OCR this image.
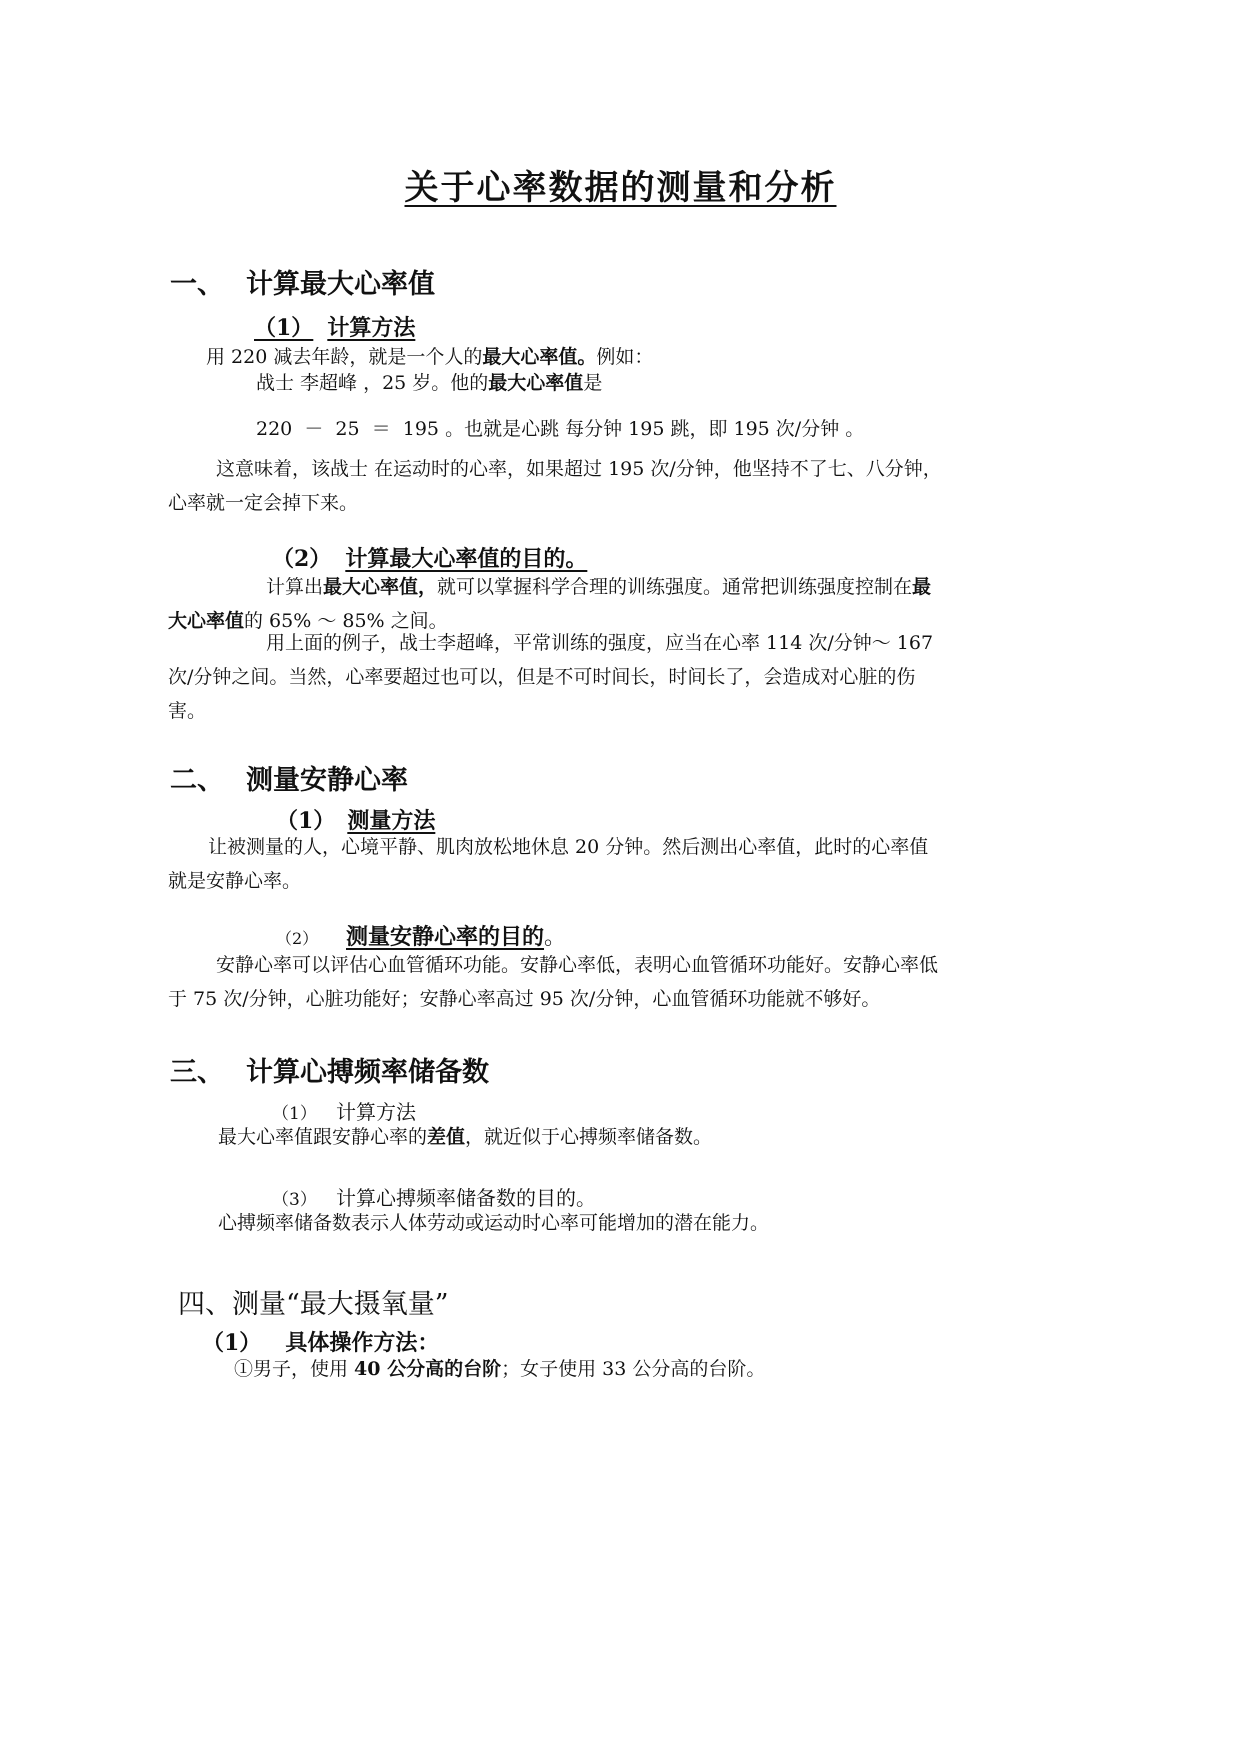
关于心率数据的测量和分析
一、 计算最大心率值
（1） 计算方法
用 220 减去年龄，就是一个人的最大心率值。例如：
战士 李超峰 ，25 岁。他的最大心率值是
220  －  25  ＝  195 。也就是心跳 每分钟 195 跳，即 195 次/分钟 。
这意味着，该战士 在运动时的心率，如果超过 195 次/分钟，他坚持不了七、八分钟，心率就一定会掉下来。
（2） 计算最大心率值的目的。
计算出最大心率值，就可以掌握科学合理的训练强度。通常把训练强度控制在最大心率值的 65% ～ 85% 之间。
用上面的例子，战士李超峰，平常训练的强度，应当在心率 114 次/分钟～ 167 次/分钟之间。当然，心率要超过也可以，但是不可时间长，时间长了，会造成对心脏的伤害。
二、 测量安静心率
（1） 测量方法
让被测量的人，心境平静、肌肉放松地休息 20 分钟。然后测出心率值，此时的心率值就是安静心率。
（2） 测量安静心率的目的。
安静心率可以评估心血管循环功能。安静心率低，表明心血管循环功能好。安静心率低于 75 次/分钟，心脏功能好；安静心率高过 95 次/分钟，心血管循环功能就不够好。
三、 计算心搏频率储备数
（1） 计算方法
最大心率值跟安静心率的差值，就近似于心搏频率储备数。
（3） 计算心搏频率储备数的目的。
心搏频率储备数表示人体劳动或运动时心率可能增加的潜在能力。
四、测量“最大摄氧量”
（1） 具体操作方法：
①男子，使用 40 公分高的台阶；女子使用 33 公分高的台阶。
